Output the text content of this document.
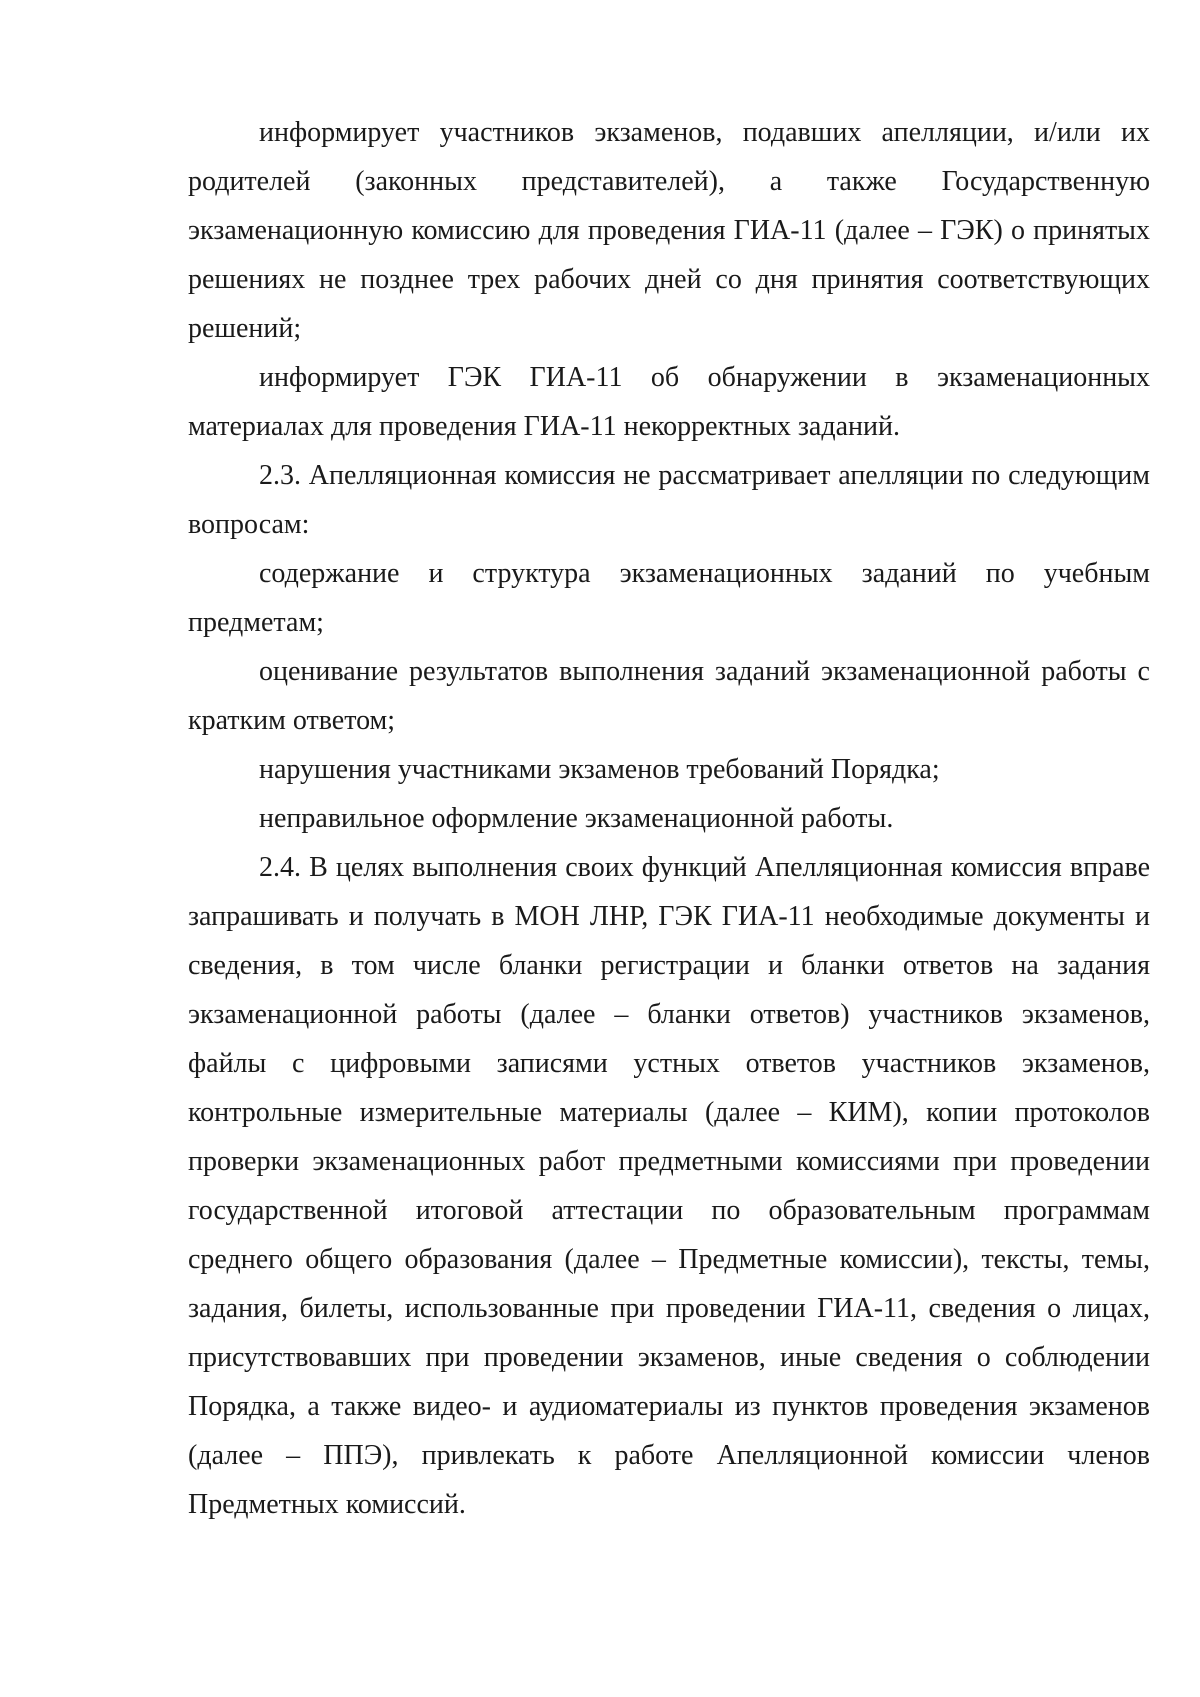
информирует участников экзаменов, подавших апелляции, и/или их родителей (законных представителей), а также Государственную экзаменационную комиссию для проведения ГИА-11 (далее – ГЭК) о принятых решениях не позднее трех рабочих дней со дня принятия соответствующих решений;

информирует ГЭК ГИА-11 об обнаружении в экзаменационных материалах для проведения ГИА-11 некорректных заданий.

2.3. Апелляционная комиссия не рассматривает апелляции по следующим вопросам:

содержание и структура экзаменационных заданий по учебным предметам;

оценивание результатов выполнения заданий экзаменационной работы с кратким ответом;

нарушения участниками экзаменов требований Порядка;

неправильное оформление экзаменационной работы.

2.4. В целях выполнения своих функций Апелляционная комиссия вправе запрашивать и получать в МОН ЛНР, ГЭК ГИА-11 необходимые документы и сведения, в том числе бланки регистрации и бланки ответов на задания экзаменационной работы (далее – бланки ответов) участников экзаменов, файлы с цифровыми записями устных ответов участников экзаменов, контрольные измерительные материалы (далее – КИМ), копии протоколов проверки экзаменационных работ предметными комиссиями при проведении государственной итоговой аттестации по образовательным программам среднего общего образования (далее – Предметные комиссии), тексты, темы, задания, билеты, использованные при проведении ГИА-11, сведения о лицах, присутствовавших при проведении экзаменов, иные сведения о соблюдении Порядка, а также видео- и аудиоматериалы из пунктов проведения экзаменов (далее – ППЭ), привлекать к работе Апелляционной комиссии членов Предметных комиссий.
